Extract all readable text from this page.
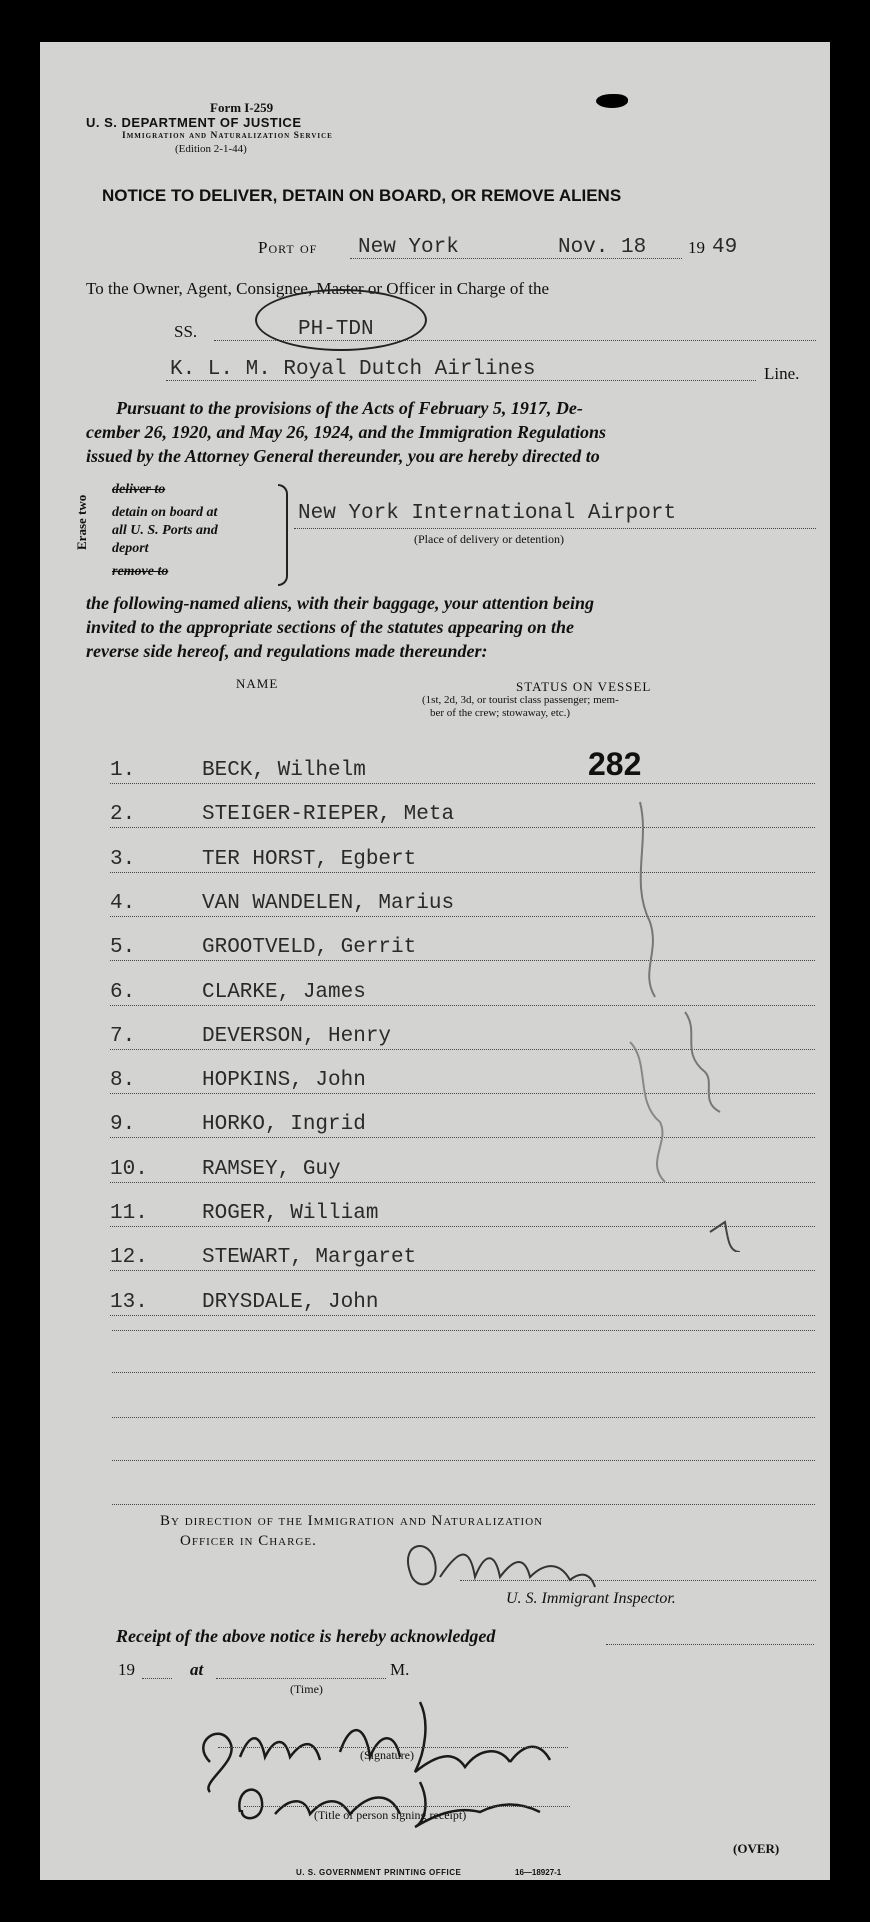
Form I-259
U. S. DEPARTMENT OF JUSTICE
Immigration and Naturalization Service
(Edition 2-1-44)
NOTICE TO DELIVER, DETAIN ON BOARD, OR REMOVE ALIENS
Port of New York	Nov. 18 19 49
To the Owner, Agent, Consignee, Master or Officer in Charge of the
SS.	PH-TDN
K. L. M. Royal Dutch Airlines	Line.
Pursuant to the provisions of the Acts of February 5, 1917, De-
cember 26, 1920, and May 26, 1924, and the Immigration Regulations
issued by the Attorney General thereunder, you are hereby directed to
Erase two
deliver to
detain on board at
all U. S. Ports and
deport
remove to
New York International Airport
(Place of delivery or detention)
the following-named aliens, with their baggage, your attention being
invited to the appropriate sections of the statutes appearing on the
reverse side hereof, and regulations made thereunder:
NAME	STATUS ON VESSEL
(1st, 2d, 3d, or tourist class passenger; mem-
ber of the crew; stowaway, etc.)
282
1.	BECK, Wilhelm
2.	STEIGER-RIEPER, Meta
3.	TER HORST, Egbert
4.	VAN WANDELEN, Marius
5.	GROOTVELD, Gerrit
6.	CLARKE, James
7.	DEVERSON, Henry
8.	HOPKINS, John
9.	HORKO, Ingrid
10.	RAMSEY, Guy
11.	ROGER, William
12.	STEWART, Margaret
13.	DRYSDALE, John
By direction of the Immigration and Naturalization
Officer in Charge.
U. S. Immigrant Inspector.
Receipt of the above notice is hereby acknowledged
19	at	M.
(Time)
(Signature)
(Title of person signing receipt)
(OVER)
U. S. GOVERNMENT PRINTING OFFICE	16—18927-1
